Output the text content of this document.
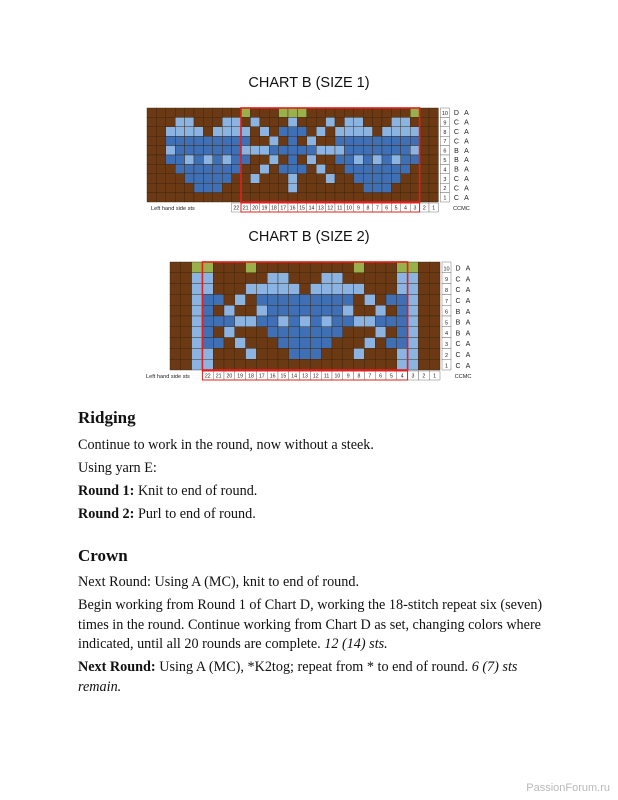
CHART B (SIZE 1)
10 D A
9 C A
8 C A
7 C A
6 B A
5 B A
4 B A
3 C A
2 C A
1 C A
22 21 20 19 18 17 16 15 14 13 12 11 10 9 8 7 6 5 4 3 2 1	CCMC
Left hand side sts
CHART B (SIZE 2)
10 D A
9 C A
8 C A
7 C A
6 B A
5 B A
4 B A
3 C A
2 C A
1 C A
22 21 20 19 18 17 16 15 14 13 12 11 10 9 8 7 6 5 4 3 2 1	CCMC
Left hand side sts
Ridging

Continue to work in the round, now without a steek.

Using yarn E:

Round 1: Knit to end of round.

Round 2: Purl to end of round.

Crown

Next Round: Using A (MC), knit to end of round.

Begin working from Round 1 of Chart D, working the 18-stitch repeat six (seven) times in the round. Continue working from Chart D as set, changing colors where indicated, until all 20 rounds are complete. 12 (14) sts.

Next Round: Using A (MC), *K2tog; repeat from * to end of round. 6 (7) sts remain.

PassionForum.ru
